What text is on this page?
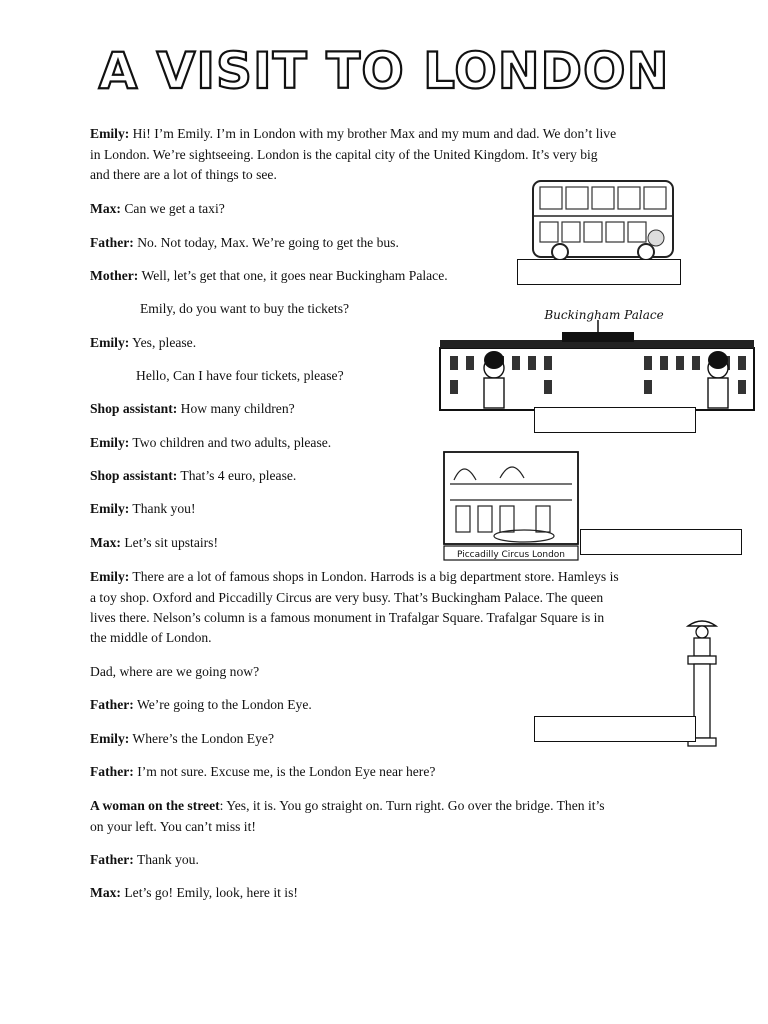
A VISIT TO LONDON

Emily: Hi! I’m Emily. I’m in London with my brother Max and my mum and dad. We don’t live

in London. We’re sightseeing. London is the capital city of the United Kingdom. It’s very big

and there are a lot of things to see.

Max: Can we get a taxi?

Father: No. Not today, Max. We’re going to get the bus.

Mother: Well, let’s get that one, it goes near Buckingham Palace.

Emily, do you want to buy the tickets?

Emily: Yes, please.

Hello, Can I have four tickets, please?

Shop assistant: How many children?

Emily: Two children and two adults, please.

Shop assistant: That’s 4 euro, please.

Emily: Thank you!

Max: Let’s sit upstairs!

Emily: There are a lot of famous shops in London. Harrods is a big department store. Hamleys is

a toy shop. Oxford and Piccadilly Circus are very busy. That’s Buckingham Palace. The queen

lives there. Nelson’s column is a famous monument in Trafalgar Square. Trafalgar Square is in

the middle of London.

Dad, where are we going now?

Father: We’re going to the London Eye.

Emily: Where’s the London Eye?

Father: I’m not sure. Excuse me, is the London Eye near here?

A woman on the street: Yes, it is. You go straight on. Turn right. Go over the bridge. Then it’s

on your left. You can’t miss it!

Father: Thank you.

Max: Let’s go! Emily, look, here it is!

Buckingham Palace
Piccadilly Circus London
